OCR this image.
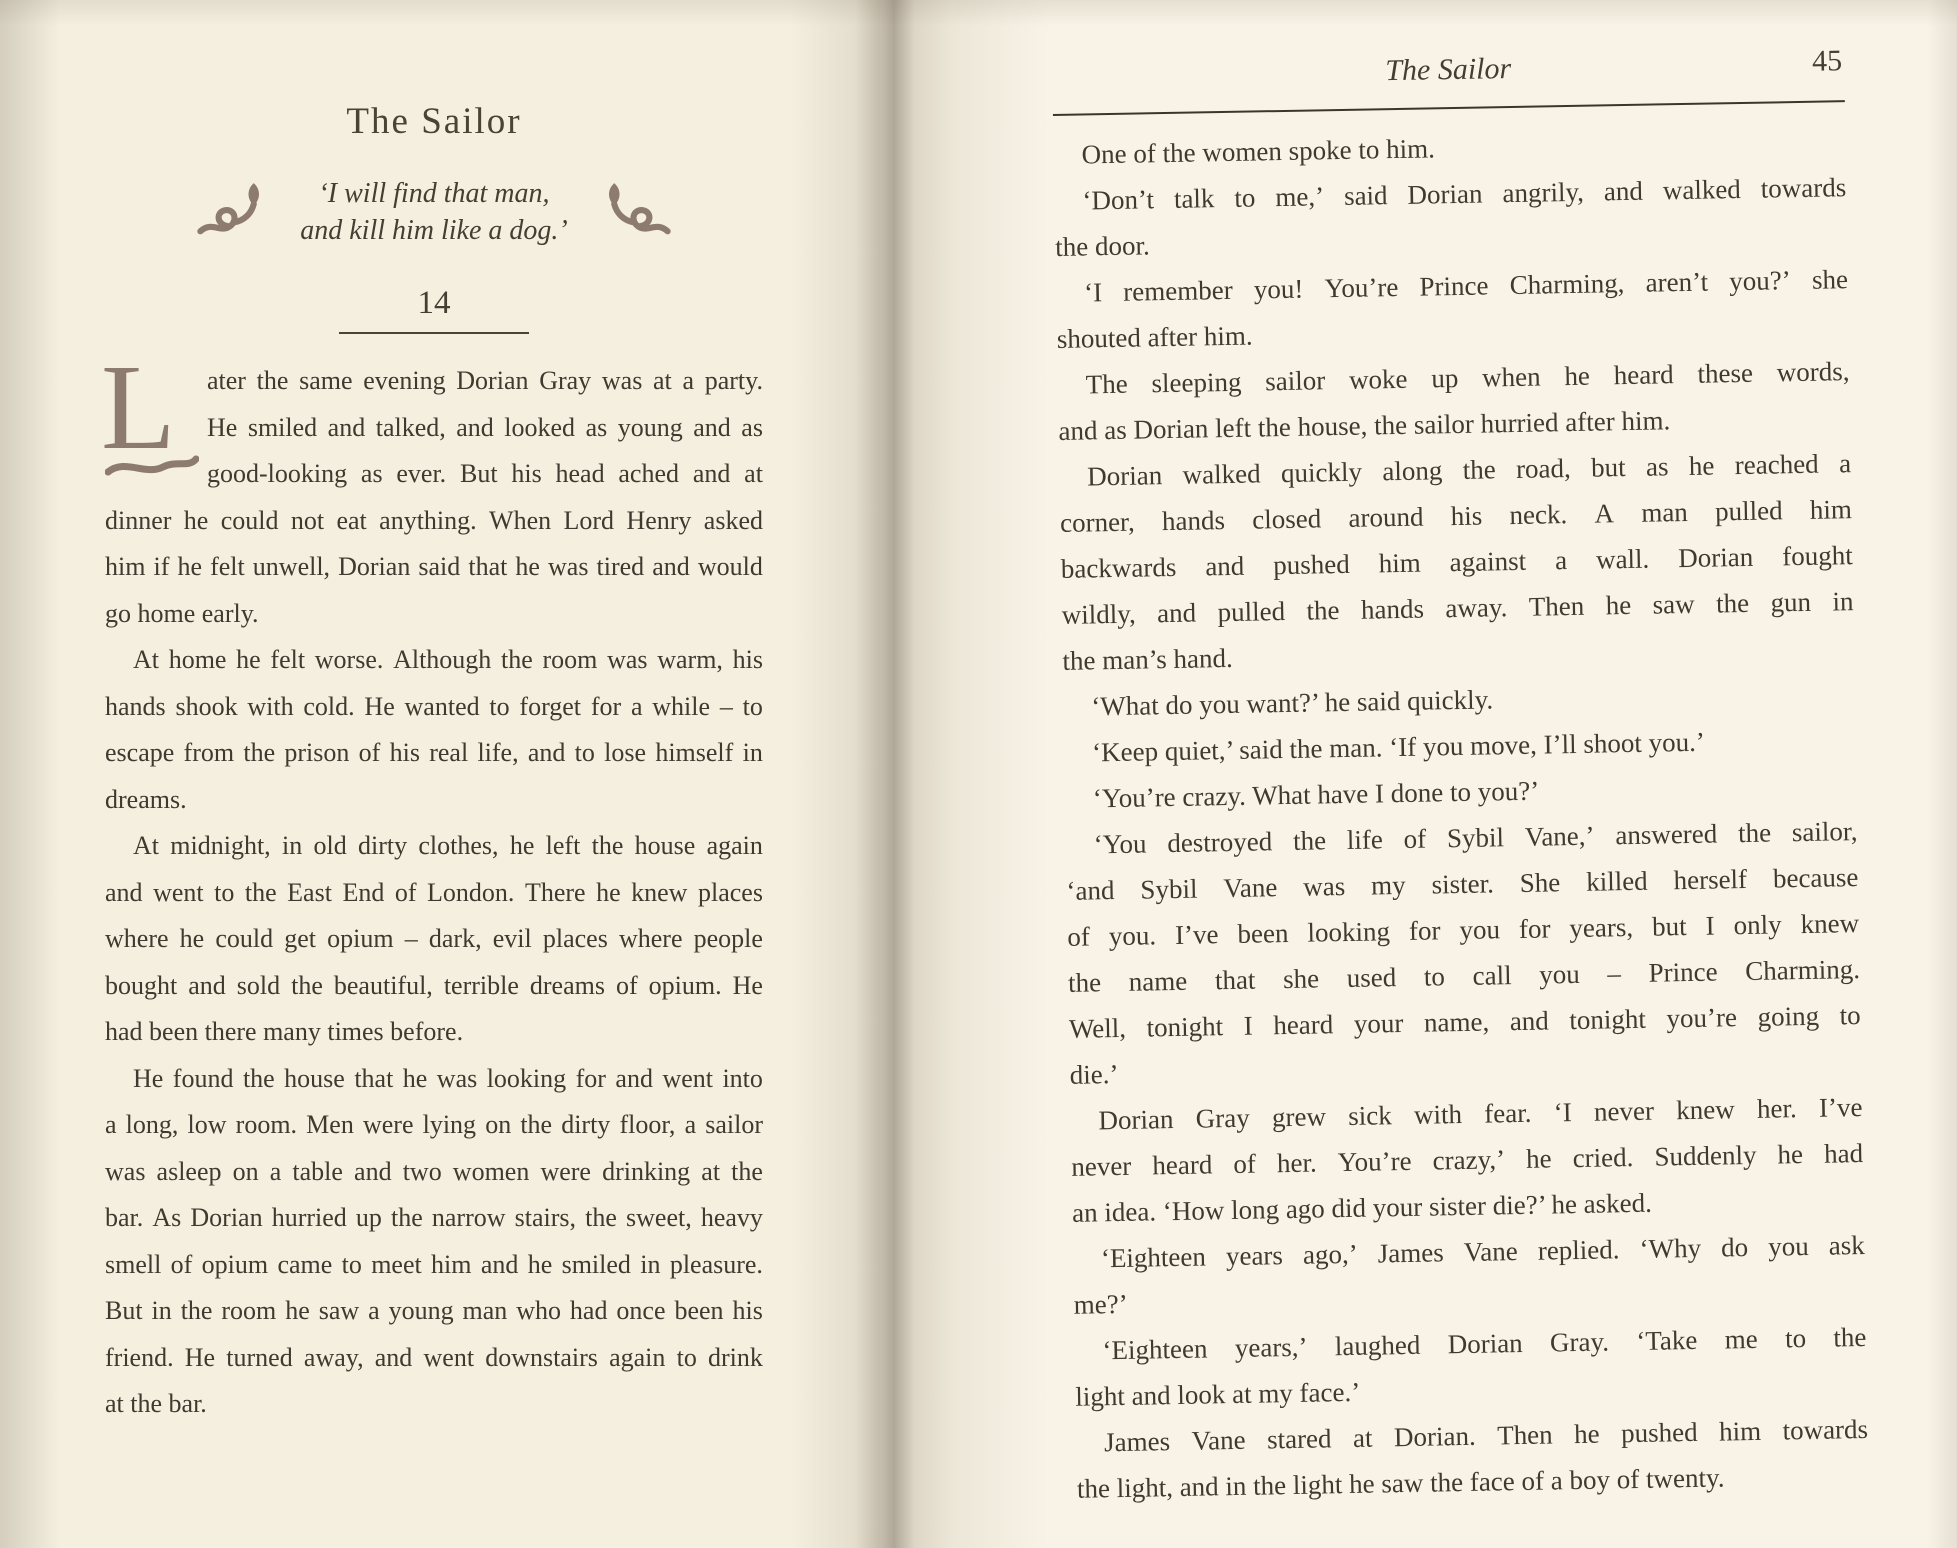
The Sailor
‘I will find that man,
and kill him like a dog.’
14
L	ater the same evening Dorian Gray was at a party.
He smiled and talked, and looked as young and as
good-looking as ever. But his head ached and at
dinner he could not eat anything. When Lord Henry asked
him if he felt unwell, Dorian said that he was tired and would
go home early.
At home he felt worse. Although the room was warm, his
hands shook with cold. He wanted to forget for a while – to
escape from the prison of his real life, and to lose himself in
dreams.
At midnight, in old dirty clothes, he left the house again
and went to the East End of London. There he knew places
where he could get opium – dark, evil places where people
bought and sold the beautiful, terrible dreams of opium. He
had been there many times before.
He found the house that he was looking for and went into
a long, low room. Men were lying on the dirty floor, a sailor
was asleep on a table and two women were drinking at the
bar. As Dorian hurried up the narrow stairs, the sweet, heavy
smell of opium came to meet him and he smiled in pleasure.
But in the room he saw a young man who had once been his
friend. He turned away, and went downstairs again to drink
at the bar.
The Sailor	45
One of the women spoke to him.
‘Don’t talk to me,’ said Dorian angrily, and walked towards
the door.
‘I remember you! You’re Prince Charming, aren’t you?’ she
shouted after him.
The sleeping sailor woke up when he heard these words,
and as Dorian left the house, the sailor hurried after him.
Dorian walked quickly along the road, but as he reached a
corner, hands closed around his neck. A man pulled him
backwards and pushed him against a wall. Dorian fought
wildly, and pulled the hands away. Then he saw the gun in
the man’s hand.
‘What do you want?’ he said quickly.
‘Keep quiet,’ said the man. ‘If you move, I’ll shoot you.’
‘You’re crazy. What have I done to you?’
‘You destroyed the life of Sybil Vane,’ answered the sailor,
‘and Sybil Vane was my sister. She killed herself because
of you. I’ve been looking for you for years, but I only knew
the name that she used to call you – Prince Charming.
Well, tonight I heard your name, and tonight you’re going to
die.’
Dorian Gray grew sick with fear. ‘I never knew her. I’ve
never heard of her. You’re crazy,’ he cried. Suddenly he had
an idea. ‘How long ago did your sister die?’ he asked.
‘Eighteen years ago,’ James Vane replied. ‘Why do you ask
me?’
‘Eighteen years,’ laughed Dorian Gray. ‘Take me to the
light and look at my face.’
James Vane stared at Dorian. Then he pushed him towards
the light, and in the light he saw the face of a boy of twenty.
